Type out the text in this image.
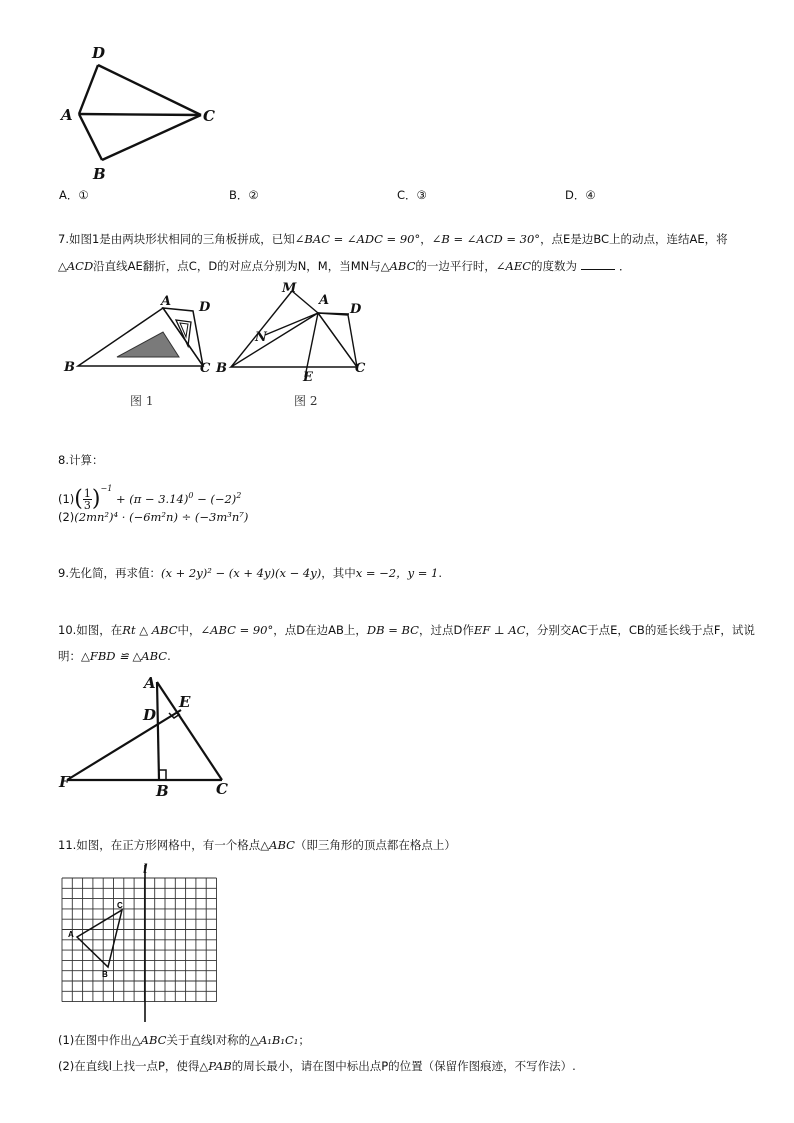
D
A	C
B
A．①	B．②	C．③	D．④
7.如图1是由两块形状相同的三角板拼成，已知∠BAC = ∠ADC = 90°，∠B = ∠ACD = 30°，点E是边BC上的动点，连结AE，将
△ACD沿直线AE翻折，点C，D的对应点分别为N，M，当MN与△ABC的一边平行时，∠AEC的度数为	．
A D
B	C
图 1
M
A
D
N
B	C
E
图 2
8.计算：
$(1)( \frac{1}{3} )^{-1} + (\pi - 3.14)^0 - (-2)^2$
(2)(2mn²)⁴ · (−6m²n) ÷ (−3m³n⁷)
9.先化简，再求值：(x + 2y)² − (x + 4y)(x − 4y)，其中x = −2，y = 1.
10.如图，在Rt △ ABC中，∠ABC = 90°，点D在边AB上，DB = BC，过点D作EF ⊥ AC，分别交AC于点E，CB的延长线于点F，试说
明：△FBD ≌ △ABC.
A
E
D
F	B	C
11.如图，在正方形网格中，有一个格点△ABC（即三角形的顶点都在格点上）
l
A
B
C
(1)在图中作出△ABC关于直线l对称的△A₁B₁C₁；
(2)在直线l上找一点P，使得△PAB的周长最小，请在图中标出点P的位置（保留作图痕迹，不写作法）.
